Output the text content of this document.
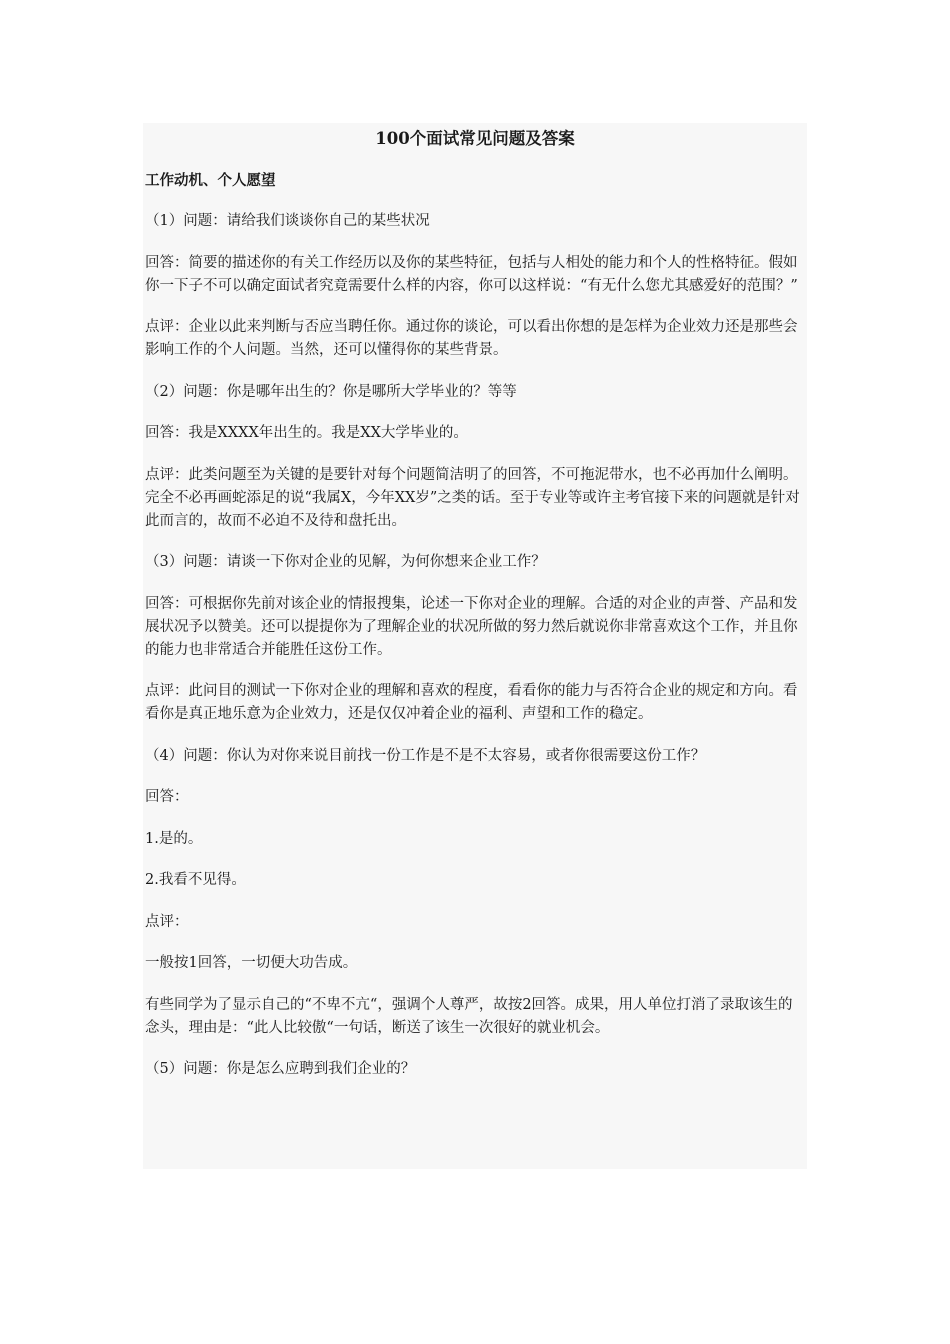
100个面试常见问题及答案
工作动机、个人愿望
（1）问题：请给我们谈谈你自己的某些状况
回答：简要的描述你的有关工作经历以及你的某些特征，包括与人相处的能力和个人的性格特征。假如你一下子不可以确定面试者究竟需要什么样的内容，你可以这样说：“有无什么您尤其感爱好的范围？”
点评：企业以此来判断与否应当聘任你。通过你的谈论，可以看出你想的是怎样为企业效力还是那些会影响工作的个人问题。当然，还可以懂得你的某些背景。
（2）问题：你是哪年出生的？你是哪所大学毕业的？等等
回答：我是XXXX年出生的。我是XX大学毕业的。
点评：此类问题至为关键的是要针对每个问题简洁明了的回答，不可拖泥带水，也不必再加什么阐明。完全不必再画蛇添足的说“我属X，今年XX岁”之类的话。至于专业等或许主考官接下来的问题就是针对此而言的，故而不必迫不及待和盘托出。
（3）问题：请谈一下你对企业的见解，为何你想来企业工作？
回答：可根据你先前对该企业的情报搜集，论述一下你对企业的理解。合适的对企业的声誉、产品和发展状况予以赞美。还可以提提你为了理解企业的状况所做的努力然后就说你非常喜欢这个工作，并且你的能力也非常适合并能胜任这份工作。
点评：此问目的测试一下你对企业的理解和喜欢的程度，看看你的能力与否符合企业的规定和方向。看看你是真正地乐意为企业效力，还是仅仅冲着企业的福利、声望和工作的稳定。
（4）问题：你认为对你来说目前找一份工作是不是不太容易，或者你很需要这份工作？
回答：
1.是的。
2.我看不见得。
点评：
一般按1回答，一切便大功告成。
有些同学为了显示自己的“不卑不亢“，强调个人尊严，故按2回答。成果，用人单位打消了录取该生的念头，理由是：“此人比较傲“一句话，断送了该生一次很好的就业机会。
（5）问题：你是怎么应聘到我们企业的？
